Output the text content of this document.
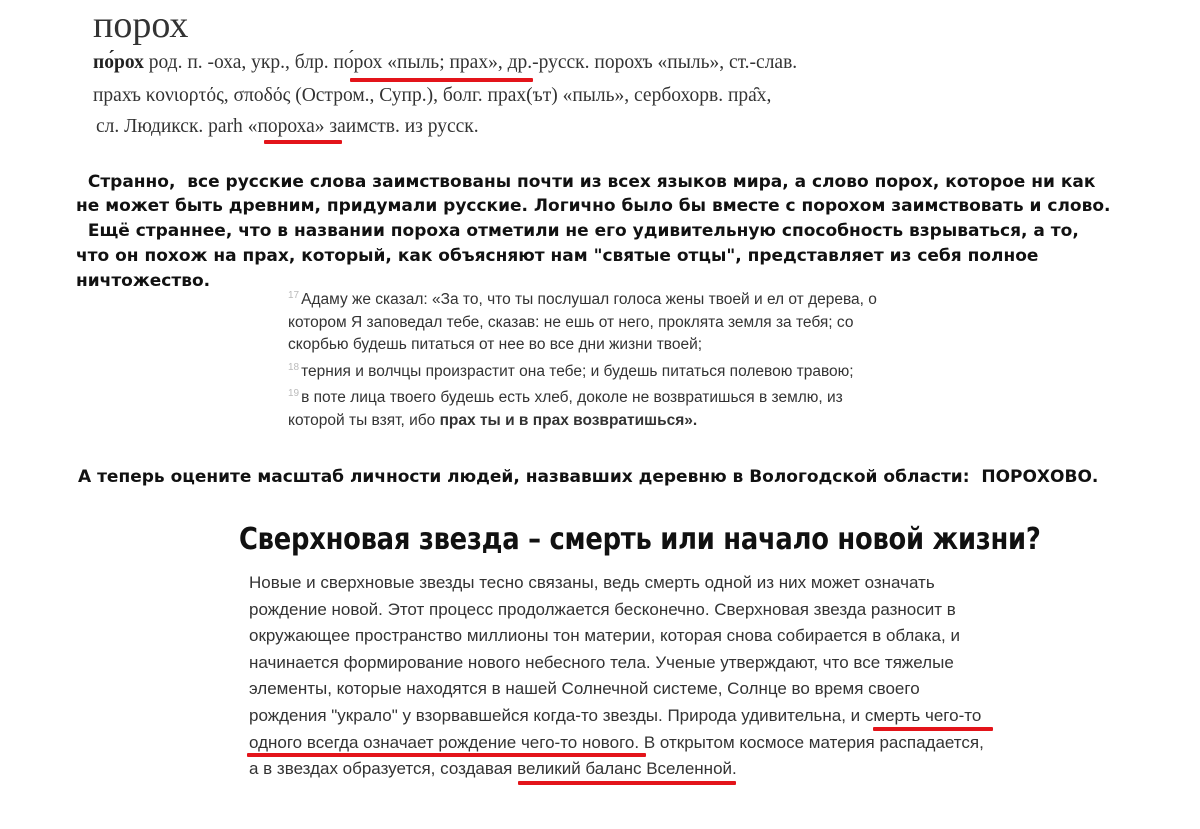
порох
по́рох род. п. -оха, укр., блр. по́рох «пыль; прах», др.-русск. порохъ «пыль», ст.-слав.
прахъ κονιορτός, σποδός (Остром., Супр.), болг. прах(ът) «пыль», сербохорв. пра̑х,
сл. Людикск. parh «пороха» заимств. из русск.
Странно,  все русские слова заимствованы почти из всех языков мира, а слово порох, которое ни как
не может быть древним, придумали русские. Логично было бы вместе с порохом заимствовать и слово.
Ещё страннее, что в названии пороха отметили не его удивительную способность взрываться, а то,
что он похож на прах, который, как объясняют нам "святые отцы", представляет из себя полное
ничтожество.
$^{17}$ Адаму же сказал: «За то, что ты послушал голоса жены твоей и ел от дерева, о
котором Я заповедал тебе, сказав: не ешь от него, проклята земля за тебя; со
скорбью будешь питаться от нее во все дни жизни твоей;
$^{18}$ терния и волчцы произрастит она тебе; и будешь питаться полевою травою;
$^{19}$ в поте лица твоего будешь есть хлеб, доколе не возвратишься в землю, из
которой ты взят, ибо прах ты и в прах возвратишься».
А теперь оцените масштаб личности людей, назвавших деревню в Вологодской области:  ПОРОХОВО.
Сверхновая звезда – смерть или начало новой жизни?
Новые и сверхновые звезды тесно связаны, ведь смерть одной из них может означать
рождение новой. Этот процесс продолжается бесконечно. Сверхновая звезда разносит в
окружающее пространство миллионы тон материи, которая снова собирается в облака, и
начинается формирование нового небесного тела. Ученые утверждают, что все тяжелые
элементы, которые находятся в нашей Солнечной системе, Солнце во время своего
рождения "украло" у взорвавшейся когда-то звезды. Природа удивительна, и смерть чего-то
одного всегда означает рождение чего-то нового. В открытом космосе материя распадается,
а в звездах образуется, создавая великий баланс Вселенной.
